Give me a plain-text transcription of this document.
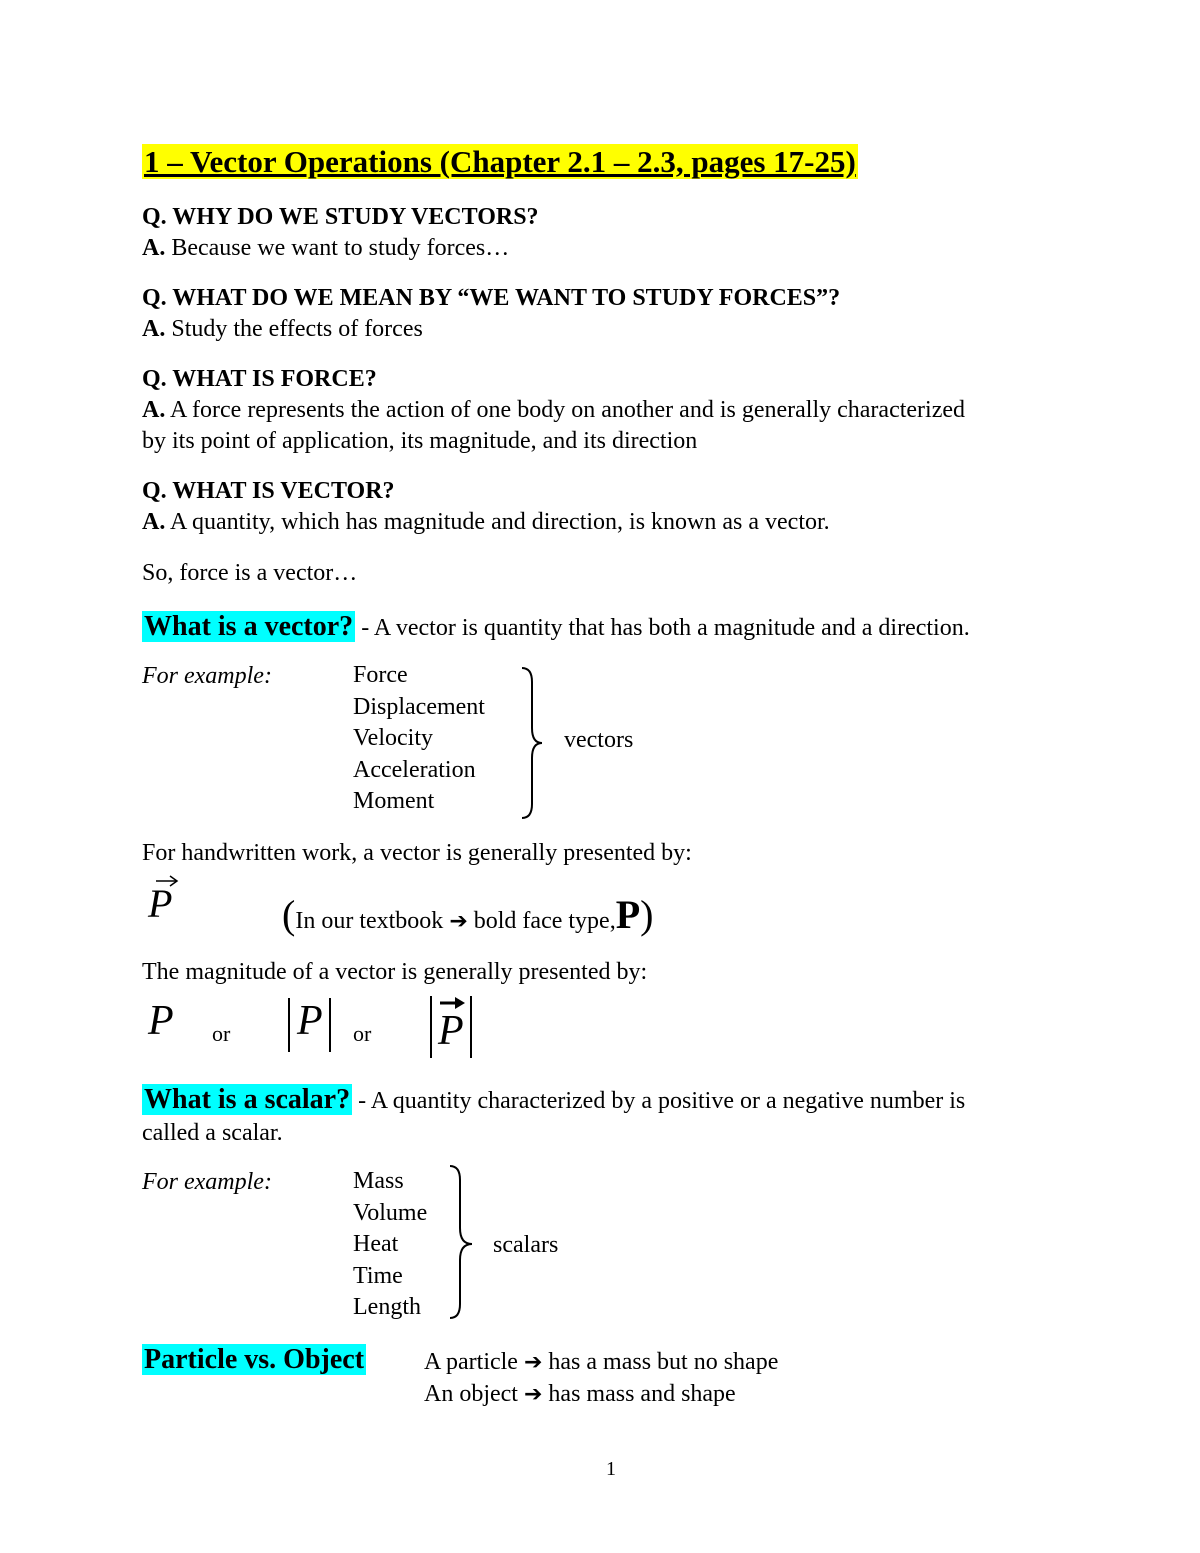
1 – Vector Operations (Chapter 2.1 – 2.3, pages 17-25)
Q. WHY DO WE STUDY VECTORS?
A. Because we want to study forces…
Q. WHAT DO WE MEAN BY “WE WANT TO STUDY FORCES”?
A. Study the effects of forces
Q. WHAT IS FORCE?
A. A force represents the action of one body on another and is generally characterized
by its point of application, its magnitude, and its direction
Q. WHAT IS VECTOR?
A. A quantity, which has magnitude and direction, is known as a vector.
So, force is a vector…
What is a vector? - A vector is quantity that has both a magnitude and a direction.
For example:	Force
Displacement
Velocity
Acceleration
Moment
vectors
For handwritten work, a vector is generally presented by:
P	(In our textbook ➔ bold face type,P)
The magnitude of a vector is generally presented by:
P or P or P
What is a scalar? - A quantity characterized by a positive or a negative number is
called a scalar.
For example:	Mass
Volume
Heat
Time
Length
scalars
Particle vs. Object A particle ➔ has a mass but no shape
An object ➔ has mass and shape
1
